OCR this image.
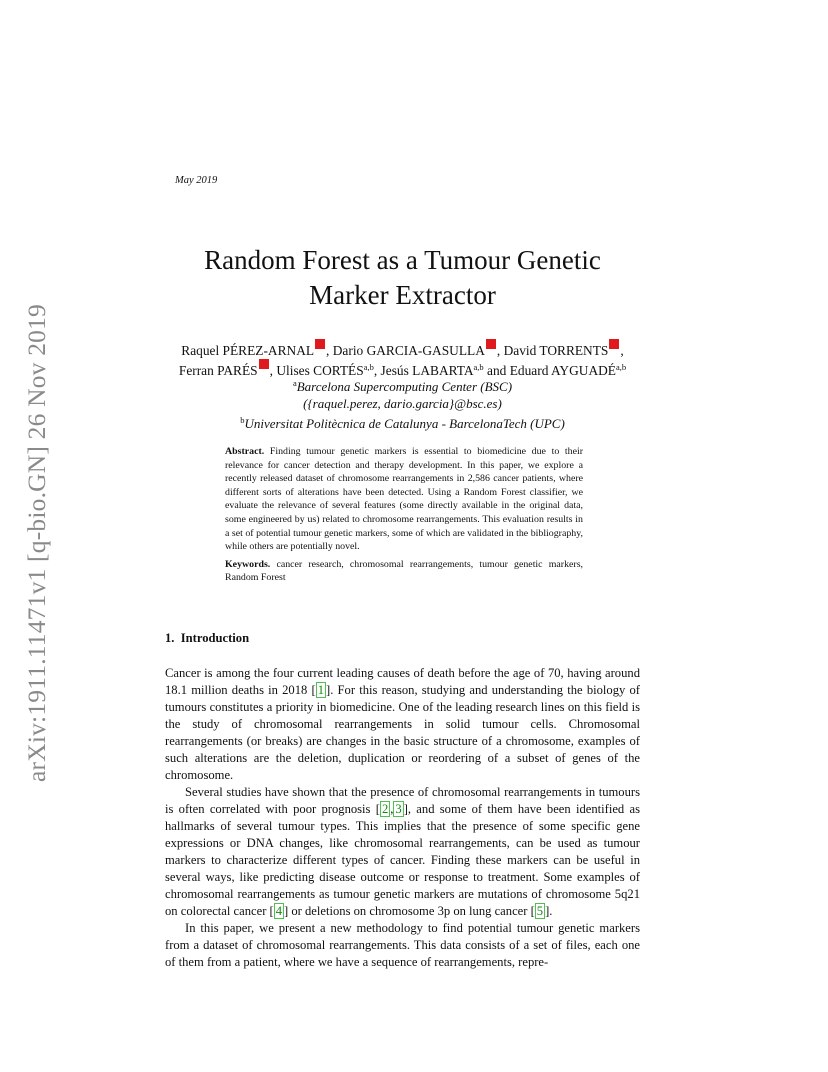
arXiv:1911.11471v1 [q-bio.GN] 26 Nov 2019
May 2019
Random Forest as a Tumour Genetic
Marker Extractor
Raquel PÉREZ-ARNAL , Dario GARCIA-GASULLA , David TORRENTS ,
Ferran PARÉS , Ulises CORTÉS$^{a,b}$, Jesús LABARTA$^{a,b}$ and Eduard AYGUADÉ$^{a,b}$
$^a$Barcelona Supercomputing Center (BSC)
({raquel.perez, dario.garcia}@bsc.es)
$^b$Universitat Politècnica de Catalunya - BarcelonaTech (UPC)
Abstract. Finding tumour genetic markers is essential to biomedicine due to their relevance for cancer detection and therapy development. In this paper, we explore a recently released dataset of chromosome rearrangements in 2,586 cancer patients, where different sorts of alterations have been detected. Using a Random Forest classifier, we evaluate the relevance of several features (some directly available in the original data, some engineered by us) related to chromosome rearrangements. This evaluation results in a set of potential tumour genetic markers, some of which are validated in the bibliography, while others are potentially novel.
Keywords. cancer research, chromosomal rearrangements, tumour genetic markers, Random Forest
1. Introduction

Cancer is among the four current leading causes of death before the age of 70, having around 18.1 million deaths in 2018 [ 1 ]. For this reason, studying and understanding the biology of tumours constitutes a priority in biomedicine. One of the leading research lines on this field is the study of chromosomal rearrangements in solid tumour cells. Chromosomal rearrangements (or breaks) are changes in the basic structure of a chromosome, examples of such alterations are the deletion, duplication or reordering of a subset of genes of the chromosome.

Several studies have shown that the presence of chromosomal rearrangements in tumours is often correlated with poor prognosis [ 2 , 3 ], and some of them have been identified as hallmarks of several tumour types. This implies that the presence of some specific gene expressions or DNA changes, like chromosomal rearrangements, can be used as tumour markers to characterize different types of cancer. Finding these markers can be useful in several ways, like predicting disease outcome or response to treatment. Some examples of chromosomal rearrangements as tumour genetic markers are mutations of chromosome 5q21 on colorectal cancer [ 4 ] or deletions on chromosome 3p on lung cancer [ 5 ].

In this paper, we present a new methodology to find potential tumour genetic markers from a dataset of chromosomal rearrangements. This data consists of a set of files, each one of them from a patient, where we have a sequence of rearrangements, repre-
